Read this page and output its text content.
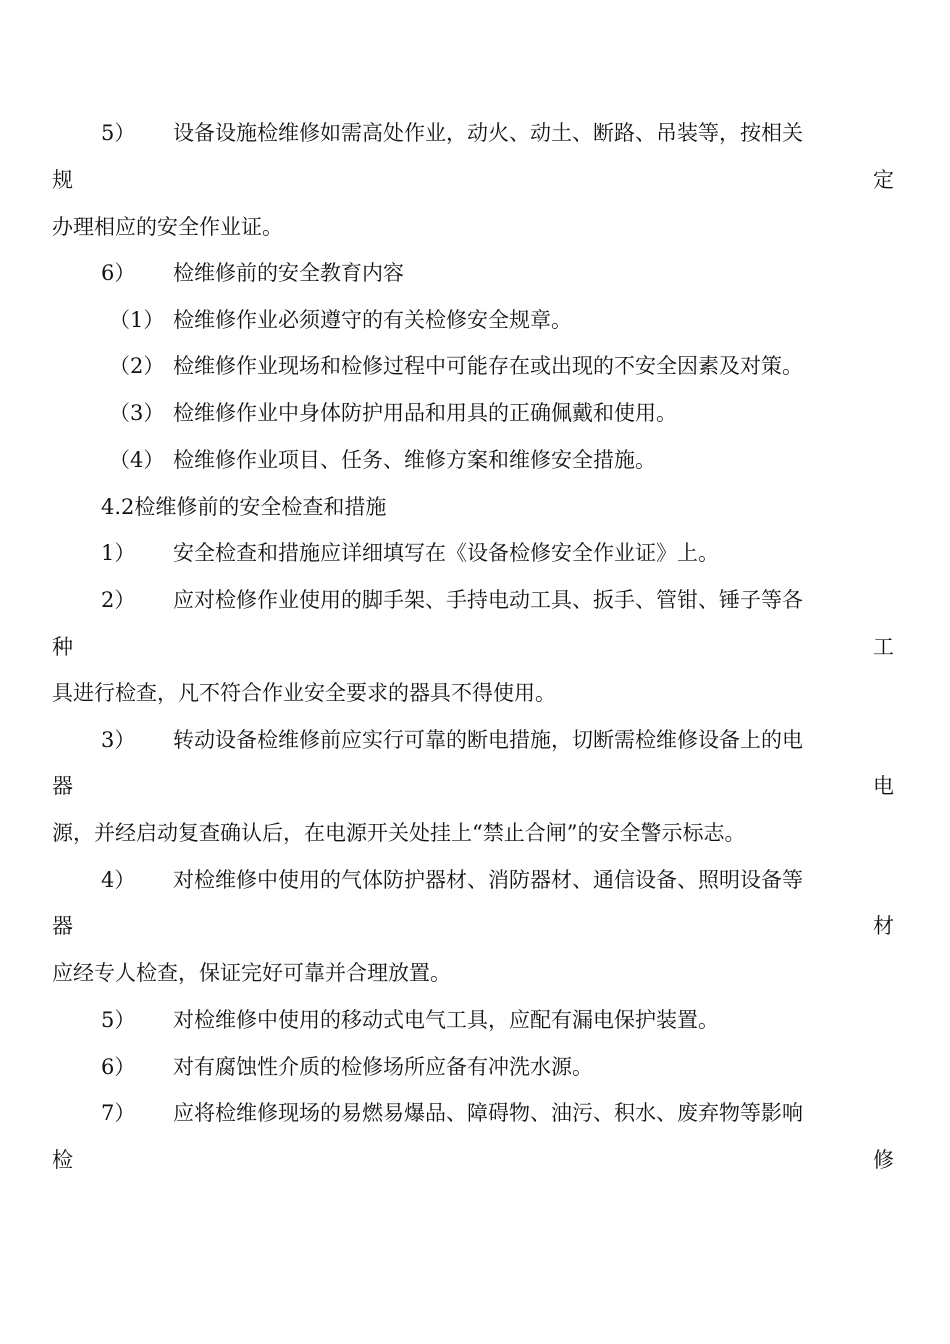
5） 设备设施检维修如需高处作业，动火、动土、断路、吊装等，按相关
规	定
办理相应的安全作业证。
6） 检维修前的安全教育内容
（1） 检维修作业必须遵守的有关检修安全规章。
（2） 检维修作业现场和检修过程中可能存在或出现的不安全因素及对策。
（3） 检维修作业中身体防护用品和用具的正确佩戴和使用。
（4） 检维修作业项目、任务、维修方案和维修安全措施。
4.2检维修前的安全检查和措施
1） 安全检查和措施应详细填写在《设备检修安全作业证》上。
2） 应对检修作业使用的脚手架、手持电动工具、扳手、管钳、锤子等各
种	工
具进行检查，凡不符合作业安全要求的器具不得使用。
3） 转动设备检维修前应实行可靠的断电措施，切断需检维修设备上的电
器	电
源，并经启动复查确认后，在电源开关处挂上“禁止合闸”的安全警示标志。
4） 对检维修中使用的气体防护器材、消防器材、通信设备、照明设备等
器	材
应经专人检查，保证完好可靠并合理放置。
5） 对检维修中使用的移动式电气工具，应配有漏电保护装置。
6） 对有腐蚀性介质的检修场所应备有冲洗水源。
7） 应将检维修现场的易燃易爆品、障碍物、油污、积水、废弃物等影响
检	修
